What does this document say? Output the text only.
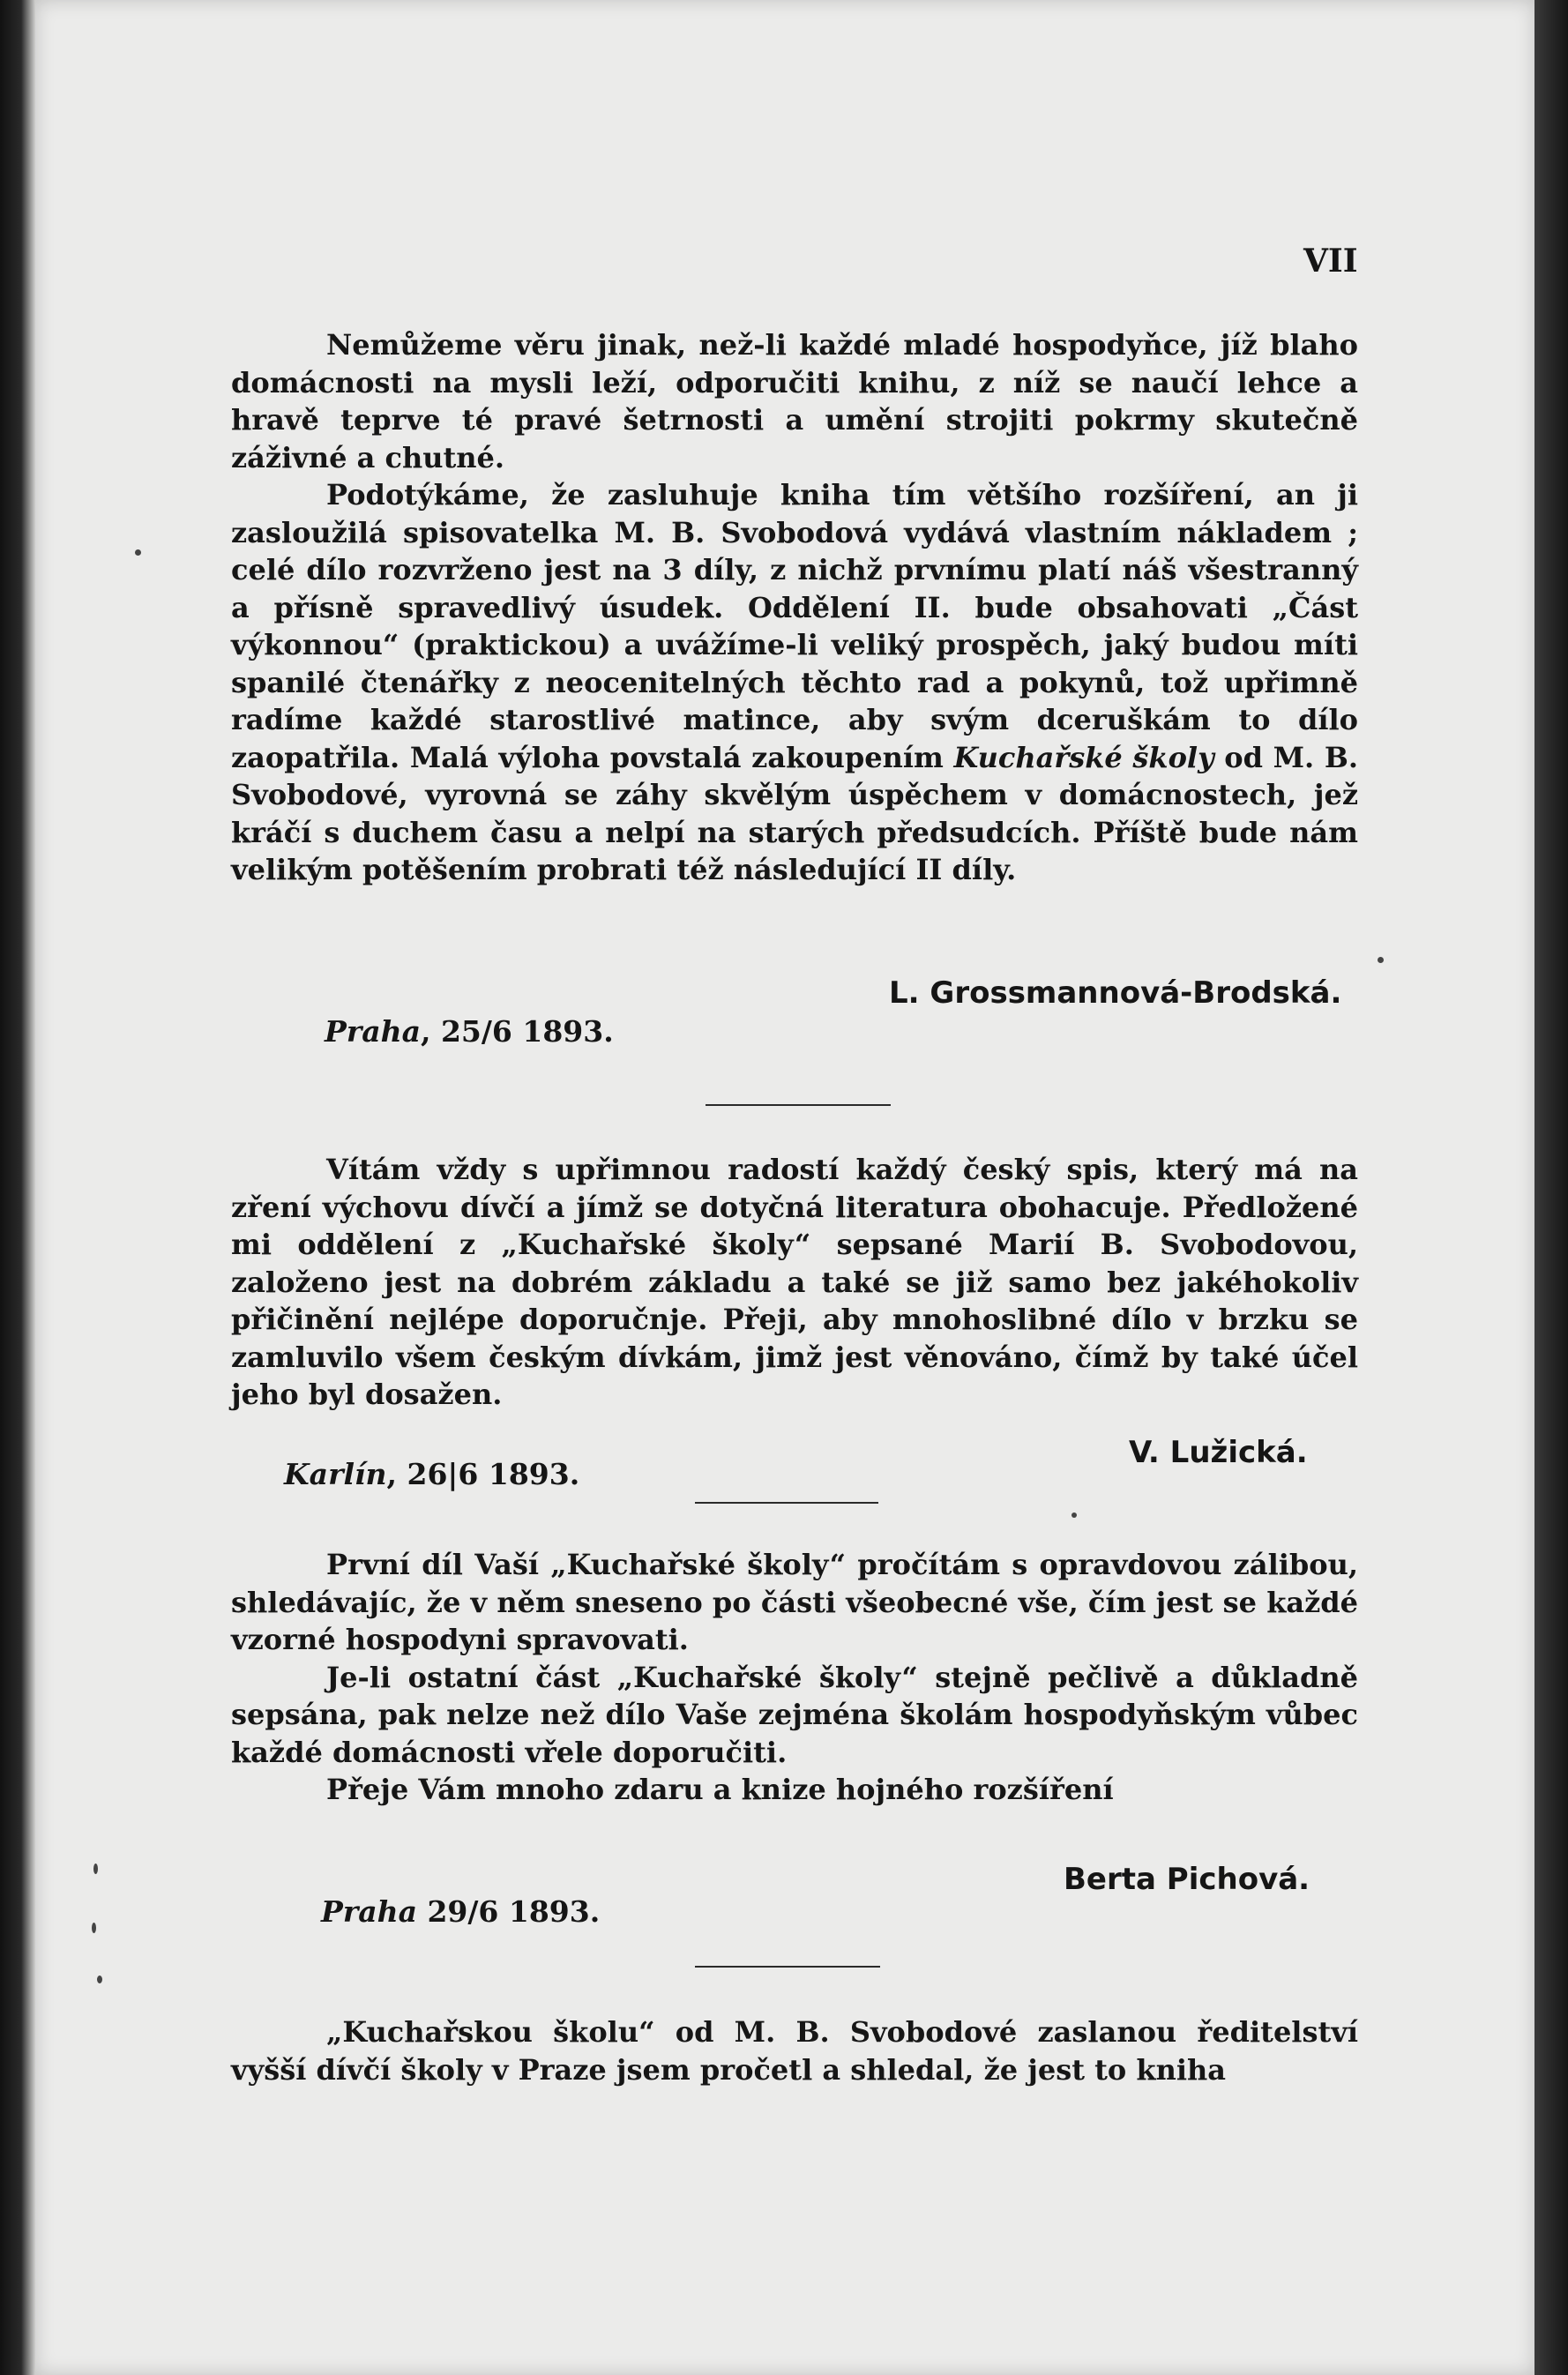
VII

Nemůžeme věru jinak, než-li každé mladé hospodyňce, jíž blaho domácnosti na mysli leží, odporučiti knihu, z níž se naučí lehce a hravě teprve té pravé šetrnosti a umění strojiti pokrmy skutečně záživné a chutné.

Podotýkáme, že zasluhuje kniha tím většího rozšíření, an ji zasloužilá spisovatelka M. B. Svobodová vydává vlastním nákladem ; celé dílo rozvrženo jest na 3 díly, z nichž prvnímu platí náš všestranný a přísně spravedlivý úsudek. Oddělení II. bude obsahovati „Část výkonnou“ (praktickou) a uvážíme-li veliký prospěch, jaký budou míti spanilé čtenářky z neocenitelných těchto rad a pokynů, tož upřimně radíme každé starostlivé matince, aby svým dceruškám to dílo zaopatřila. Malá výloha povstalá zakoupením Kuchařské školy od M. B. Svobodové, vyrovná se záhy skvělým úspěchem v domácnostech, jež kráčí s duchem času a nelpí na starých předsudcích. Příště bude nám velikým potěšením probrati též následující II díly.

L. Grossmannová-Brodská.
Praha, 25/6 1893.

Vítám vždy s upřimnou radostí každý český spis, který má na zření výchovu dívčí a jímž se dotyčná literatura obohacuje. Předložené mi oddělení z „Kuchařské školy“ sepsané Marií B. Svobodovou, založeno jest na dobrém základu a také se již samo bez jakéhokoliv přičinění nejlépe doporučnje. Přeji, aby mnohoslibné dílo v brzku se zamluvilo všem českým dívkám, jimž jest věnováno, čímž by také účel jeho byl dosažen.

V. Lužická.
Karlín, 26|6 1893.

První díl Vaší „Kuchařské školy“ pročítám s opravdovou zálibou, shledávajíc, že v něm sneseno po části všeobecné vše, čím jest se každé vzorné hospodyni spravovati.

Je-li ostatní část „Kuchařské školy“ stejně pečlivě a důkladně sepsána, pak nelze než dílo Vaše zejména školám hospodyňským vůbec každé domácnosti vřele doporučiti.

Přeje Vám mnoho zdaru a knize hojného rozšíření

Berta Pichová.
Praha 29/6 1893.

„Kuchařskou školu“ od M. B. Svobodové zaslanou ředitelství vyšší dívčí školy v Praze jsem pročetl a shledal, že jest to kniha
